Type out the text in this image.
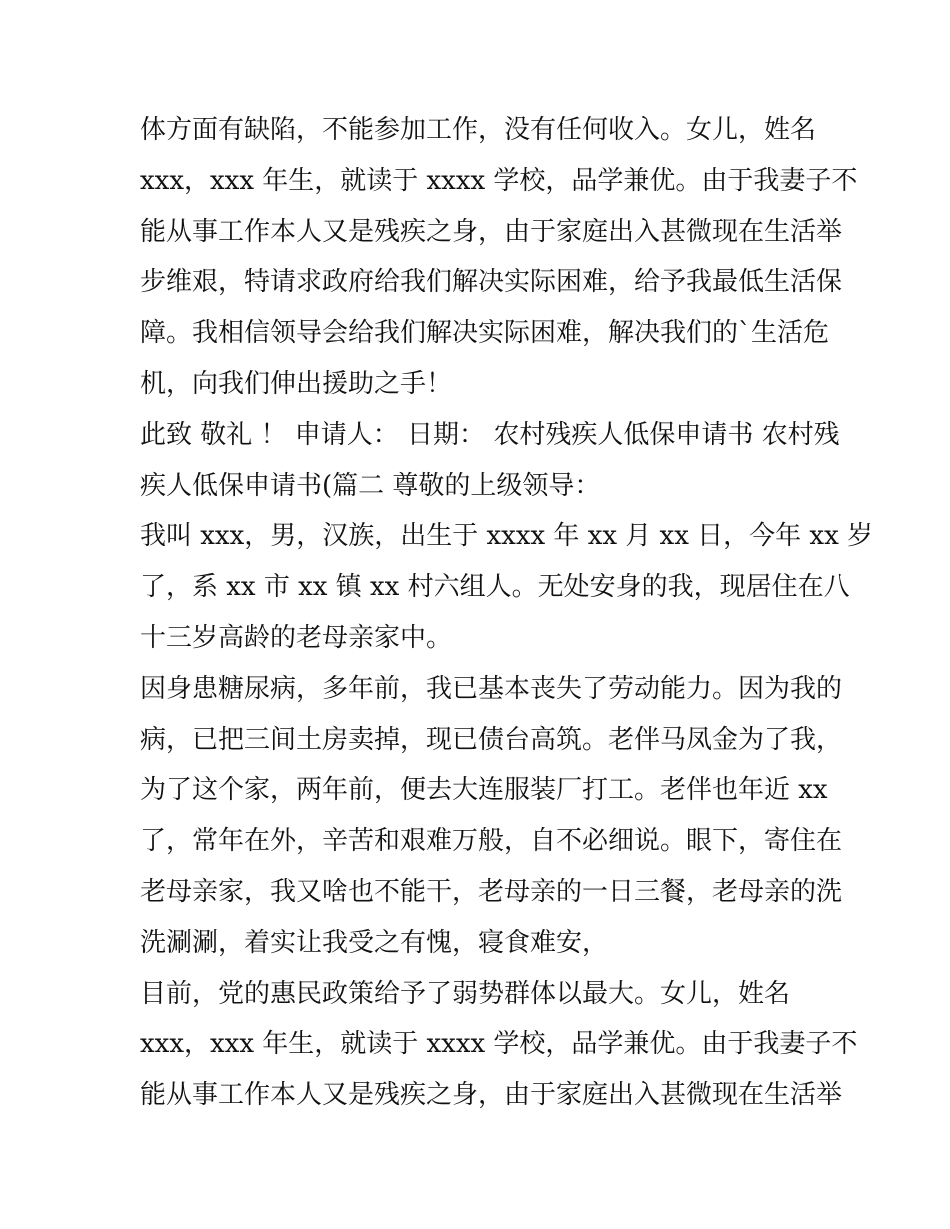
体方面有缺陷，不能参加工作，没有任何收入。女儿，姓名
xxx，xxx 年生，就读于 xxxx 学校，品学兼优。由于我妻子不
能从事工作本人又是残疾之身，由于家庭出入甚微现在生活举
步维艰，特请求政府给我们解决实际困难，给予我最低生活保
障。我相信领导会给我们解决实际困难，解决我们的`生活危
机，向我们伸出援助之手！
此致 敬礼 ！ 申请人： 日期： 农村残疾人低保申请书 农村残
疾人低保申请书(篇二 尊敬的上级领导：
我叫 xxx，男，汉族，出生于 xxxx 年 xx 月 xx 日，今年 xx 岁
了，系 xx 市 xx 镇 xx 村六组人。无处安身的我，现居住在八
十三岁高龄的老母亲家中。
因身患糖尿病，多年前，我已基本丧失了劳动能力。因为我的
病，已把三间土房卖掉，现已债台高筑。老伴马凤金为了我，
为了这个家，两年前，便去大连服装厂打工。老伴也年近 xx
了，常年在外，辛苦和艰难万般，自不必细说。眼下，寄住在
老母亲家，我又啥也不能干，老母亲的一日三餐，老母亲的洗
洗涮涮，着实让我受之有愧，寝食难安，
目前，党的惠民政策给予了弱势群体以最大。女儿，姓名
xxx，xxx 年生，就读于 xxxx 学校，品学兼优。由于我妻子不
能从事工作本人又是残疾之身，由于家庭出入甚微现在生活举
